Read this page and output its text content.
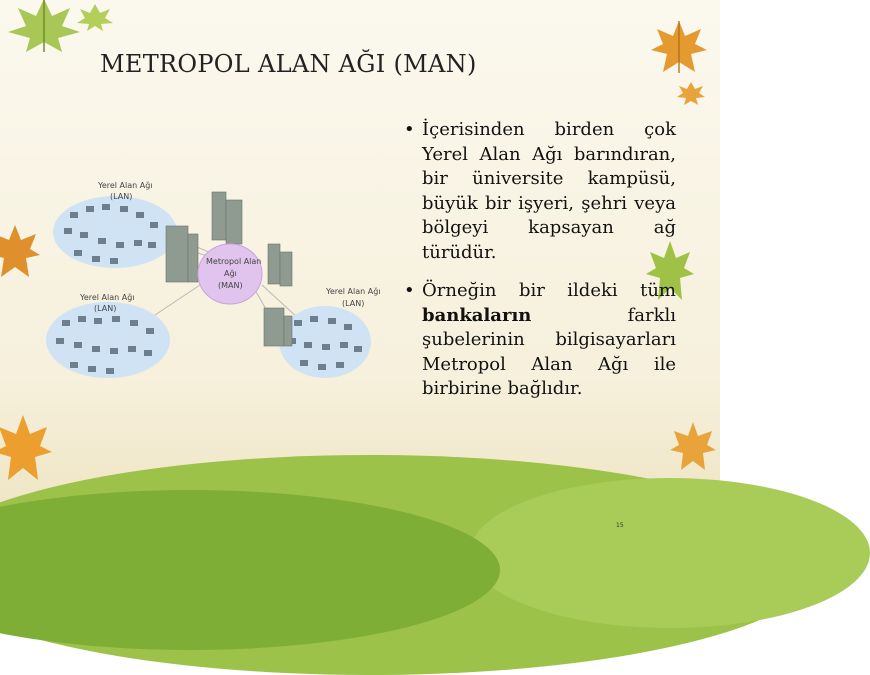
METROPOL ALAN AĞI (MAN)
Yerel Alan Ağı
(LAN)
Yerel Alan Ağı
(LAN)
Yerel Alan Ağı
(LAN)
Metropol Alan
Ağı
(MAN)
• İçerisinden birden çok Yerel Alan Ağı barındıran, bir üniversite kampüsü, büyük bir işyeri, şehri veya bölgeyi kapsayan ağ türüdür.
• Örneğin bir ildeki tüm bankaların farklı şubelerinin bilgisayarları Metropol Alan Ağı ile birbirine bağlıdır.
15
